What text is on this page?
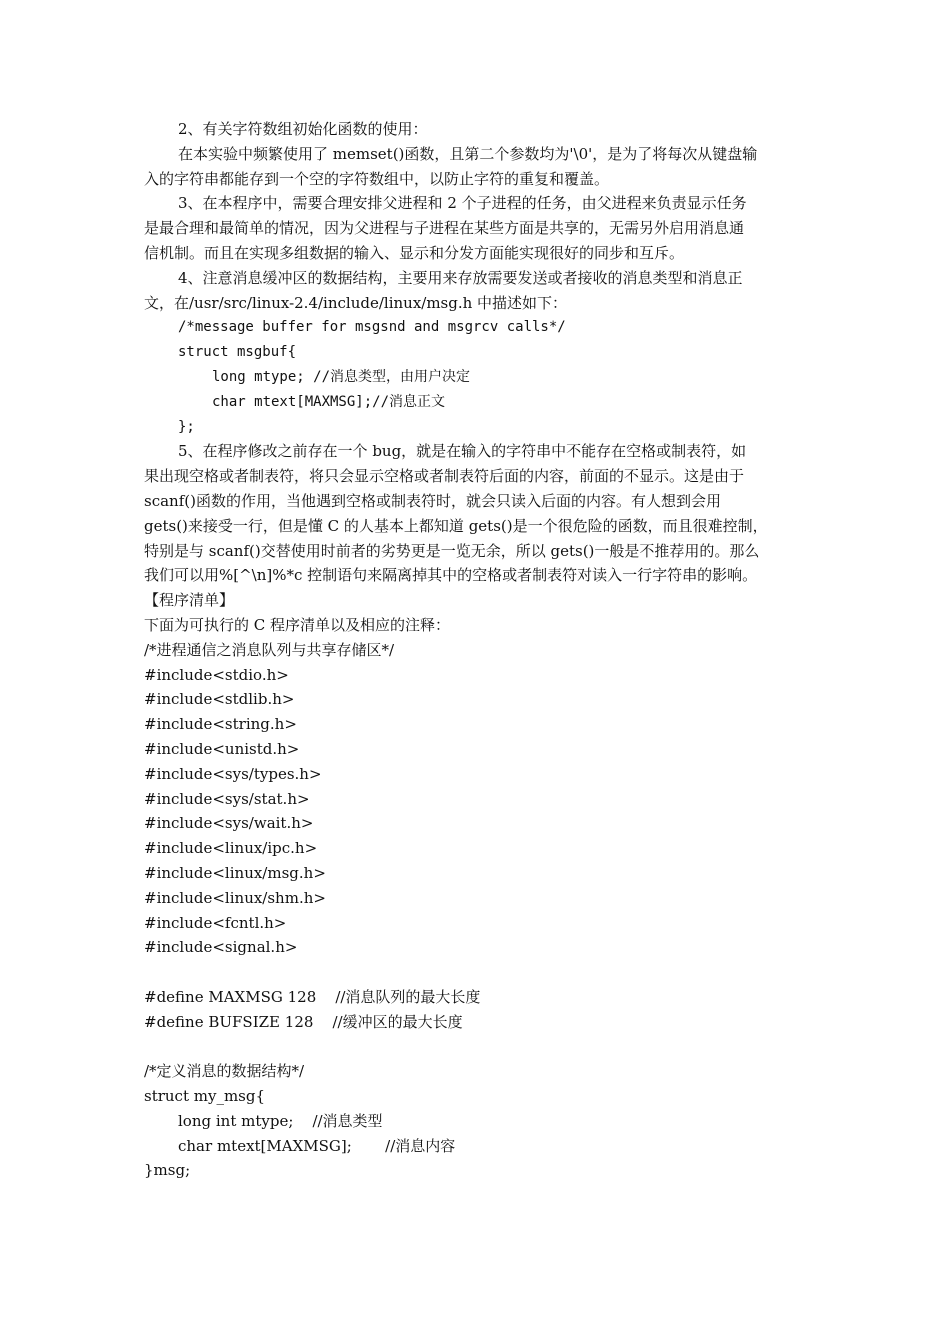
2、有关字符数组初始化函数的使用：
在本实验中频繁使用了 memset()函数，且第二个参数均为'\0'，是为了将每次从键盘输
入的字符串都能存到一个空的字符数组中，以防止字符的重复和覆盖。
3、在本程序中，需要合理安排父进程和 2 个子进程的任务，由父进程来负责显示任务
是最合理和最简单的情况，因为父进程与子进程在某些方面是共享的，无需另外启用消息通
信机制。而且在实现多组数据的输入、显示和分发方面能实现很好的同步和互斥。
4、注意消息缓冲区的数据结构，主要用来存放需要发送或者接收的消息类型和消息正
文，在/usr/src/linux-2.4/include/linux/msg.h 中描述如下：
/*message buffer for msgsnd and msgrcv calls*/
struct msgbuf{
long mtype; //消息类型，由用户决定
char mtext[MAXMSG];//消息正文
};
5、在程序修改之前存在一个 bug，就是在输入的字符串中不能存在空格或制表符，如
果出现空格或者制表符，将只会显示空格或者制表符后面的内容，前面的不显示。这是由于
scanf()函数的作用，当他遇到空格或制表符时，就会只读入后面的内容。有人想到会用
gets()来接受一行，但是懂 C 的人基本上都知道 gets()是一个很危险的函数，而且很难控制，
特别是与 scanf()交替使用时前者的劣势更是一览无余，所以 gets()一般是不推荐用的。那么
我们可以用%[^\n]%*c 控制语句来隔离掉其中的空格或者制表符对读入一行字符串的影响。
【程序清单】
下面为可执行的 C 程序清单以及相应的注释：
/*进程通信之消息队列与共享存储区*/
#include<stdio.h>
#include<stdlib.h>
#include<string.h>
#include<unistd.h>
#include<sys/types.h>
#include<sys/stat.h>
#include<sys/wait.h>
#include<linux/ipc.h>
#include<linux/msg.h>
#include<linux/shm.h>
#include<fcntl.h>
#include<signal.h>
#define MAXMSG 128    //消息队列的最大长度
#define BUFSIZE 128    //缓冲区的最大长度
/*定义消息的数据结构*/
struct my_msg{
long int mtype;    //消息类型
char mtext[MAXMSG];       //消息内容
}msg;
